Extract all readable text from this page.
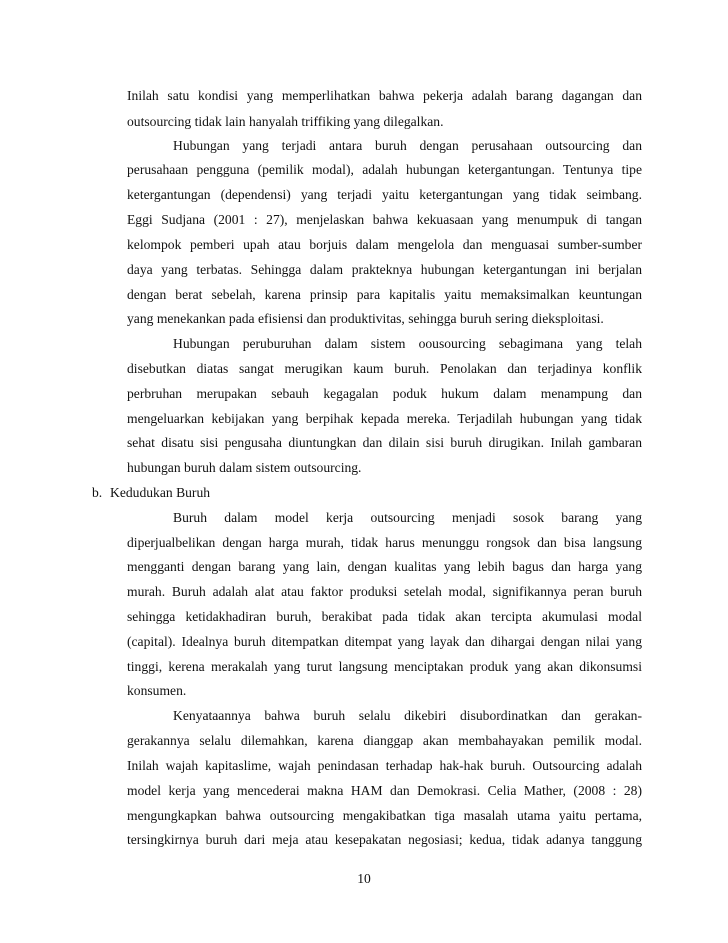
Inilah satu kondisi yang memperlihatkan bahwa pekerja adalah barang dagangan dan
outsourcing tidak lain hanyalah triffiking yang dilegalkan.
Hubungan yang terjadi antara buruh dengan perusahaan outsourcing dan
perusahaan pengguna (pemilik modal), adalah hubungan ketergantungan. Tentunya tipe
ketergantungan (dependensi) yang terjadi yaitu ketergantungan yang tidak seimbang.
Eggi Sudjana (2001 : 27), menjelaskan bahwa kekuasaan yang menumpuk di tangan
kelompok pemberi upah atau borjuis dalam mengelola dan menguasai sumber-sumber
daya yang terbatas. Sehingga dalam prakteknya hubungan ketergantungan ini berjalan
dengan berat sebelah, karena prinsip para kapitalis yaitu memaksimalkan keuntungan
yang menekankan pada efisiensi dan produktivitas, sehingga buruh sering dieksploitasi.
Hubungan peruburuhan dalam sistem oousourcing sebagimana yang telah
disebutkan diatas sangat merugikan kaum buruh. Penolakan dan terjadinya konflik
perbruhan merupakan sebauh kegagalan poduk hukum dalam menampung dan
mengeluarkan kebijakan yang berpihak kepada mereka. Terjadilah hubungan yang tidak
sehat disatu sisi pengusaha diuntungkan dan dilain sisi buruh dirugikan. Inilah gambaran
hubungan buruh dalam sistem outsourcing.
b. Kedudukan Buruh
Buruh dalam model kerja outsourcing menjadi sosok barang yang
diperjualbelikan dengan harga murah, tidak harus menunggu rongsok dan bisa langsung
mengganti dengan barang yang lain, dengan kualitas yang lebih bagus dan harga yang
murah. Buruh adalah alat atau faktor produksi setelah modal, signifikannya peran buruh
sehingga ketidakhadiran buruh, berakibat pada tidak akan tercipta akumulasi modal
(capital). Idealnya buruh ditempatkan ditempat yang layak dan dihargai dengan nilai yang
tinggi, kerena merakalah yang turut langsung menciptakan produk yang akan dikonsumsi
konsumen.
Kenyataannya bahwa buruh selalu dikebiri disubordinatkan dan gerakan-
gerakannya selalu dilemahkan, karena dianggap akan membahayakan pemilik modal.
Inilah wajah kapitaslime, wajah penindasan terhadap hak-hak buruh. Outsourcing adalah
model kerja yang mencederai makna HAM dan Demokrasi. Celia Mather, (2008 : 28)
mengungkapkan bahwa outsourcing mengakibatkan tiga masalah utama yaitu pertama,
tersingkirnya buruh dari meja atau kesepakatan negosiasi; kedua, tidak adanya tanggung
10
